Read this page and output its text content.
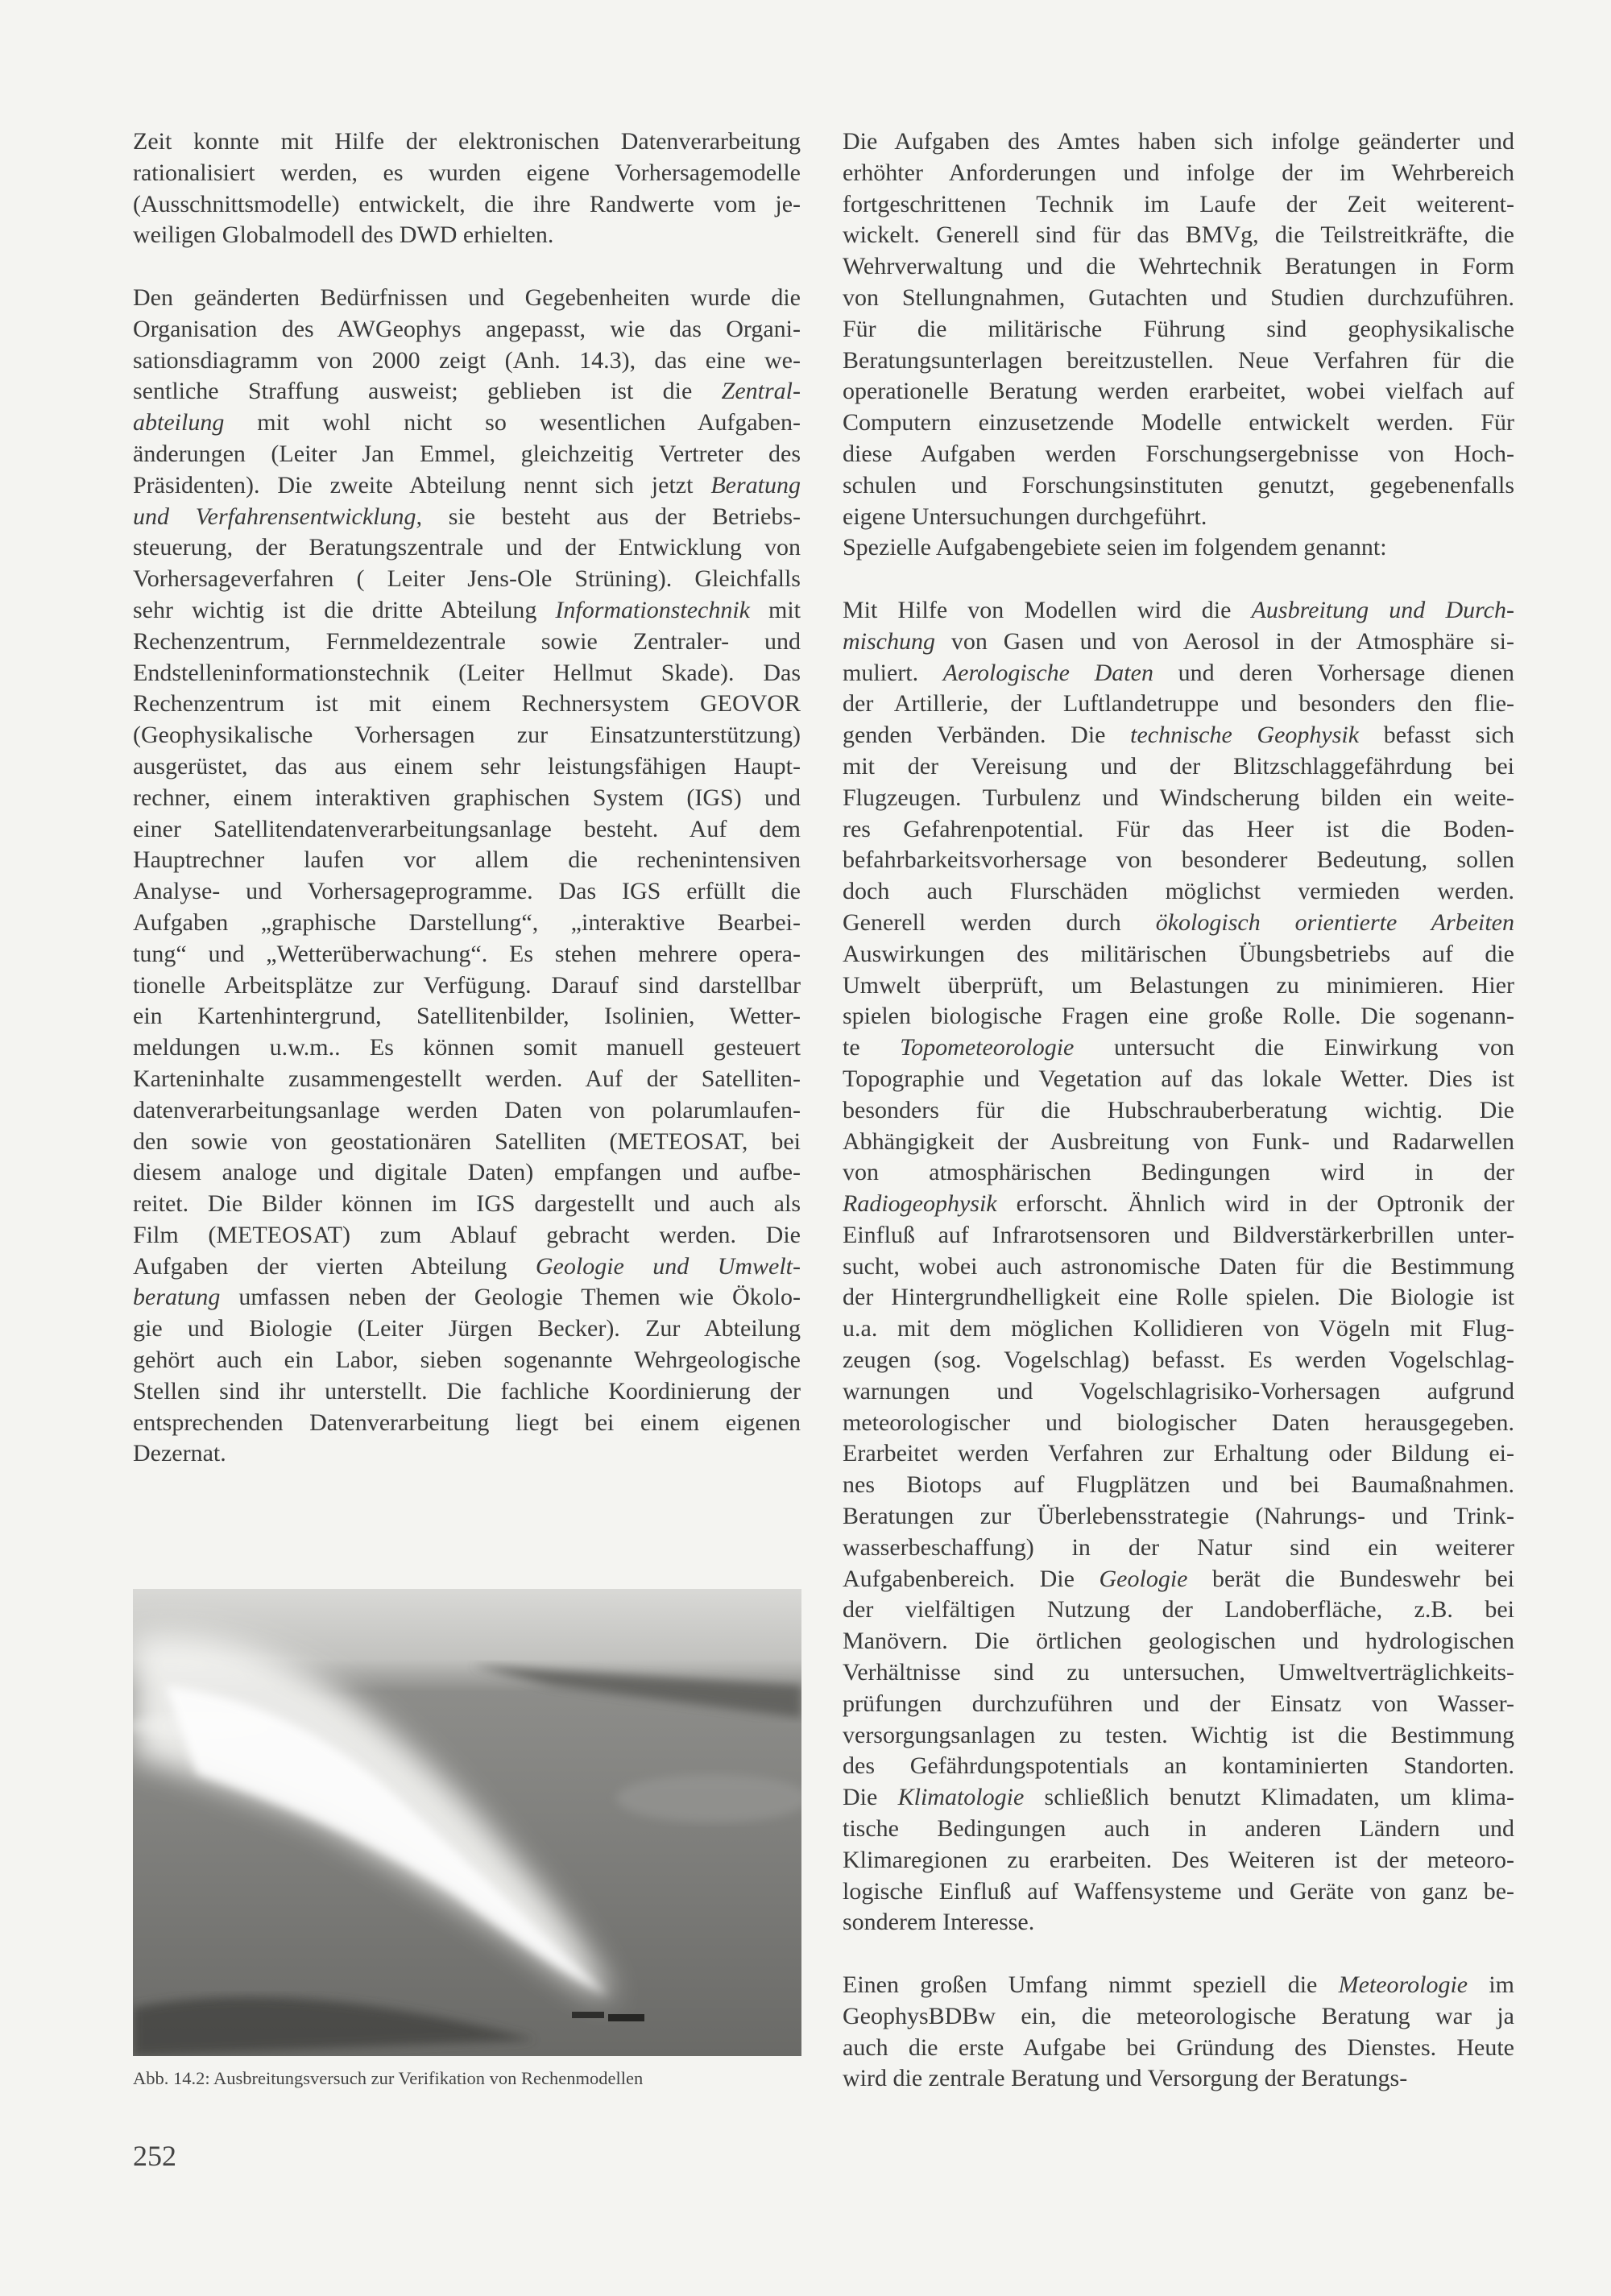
Zeit konnte mit Hilfe der elektronischen Datenverarbeitung
rationalisiert werden, es wurden eigene Vorhersagemodelle
(Ausschnittsmodelle) entwickelt, die ihre Randwerte vom je-
weiligen Globalmodell des DWD erhielten.
Den geänderten Bedürfnissen und Gegebenheiten wurde die
Organisation des AWGeophys angepasst, wie das Organi-
sationsdiagramm von 2000 zeigt (Anh. 14.3), das eine we-
sentliche Straffung ausweist; geblieben ist die Zentral-
abteilung mit wohl nicht so wesentlichen Aufgaben-
änderungen (Leiter Jan Emmel, gleichzeitig Vertreter des
Präsidenten). Die zweite Abteilung nennt sich jetzt Beratung
und Verfahrensentwicklung, sie besteht aus der Betriebs-
steuerung, der Beratungszentrale und der Entwicklung von
Vorhersageverfahren ( Leiter Jens-Ole Strüning). Gleichfalls
sehr wichtig ist die dritte Abteilung Informationstechnik mit
Rechenzentrum, Fernmeldezentrale sowie Zentraler- und
Endstelleninformationstechnik (Leiter Hellmut Skade). Das
Rechenzentrum ist mit einem Rechnersystem GEOVOR
(Geophysikalische Vorhersagen zur Einsatzunterstützung)
ausgerüstet, das aus einem sehr leistungsfähigen Haupt-
rechner, einem interaktiven graphischen System (IGS) und
einer Satellitendatenverarbeitungsanlage besteht. Auf dem
Hauptrechner laufen vor allem die rechenintensiven
Analyse- und Vorhersageprogramme. Das IGS erfüllt die
Aufgaben „graphische Darstellung“, „interaktive Bearbei-
tung“ und „Wetterüberwachung“. Es stehen mehrere opera-
tionelle Arbeitsplätze zur Verfügung. Darauf sind darstellbar
ein Kartenhintergrund, Satellitenbilder, Isolinien, Wetter-
meldungen u.w.m.. Es können somit manuell gesteuert
Karteninhalte zusammengestellt werden. Auf der Satelliten-
datenverarbeitungsanlage werden Daten von polarumlaufen-
den sowie von geostationären Satelliten (METEOSAT, bei
diesem analoge und digitale Daten) empfangen und aufbe-
reitet. Die Bilder können im IGS dargestellt und auch als
Film (METEOSAT) zum Ablauf gebracht werden. Die
Aufgaben der vierten Abteilung Geologie und Umwelt-
beratung umfassen neben der Geologie Themen wie Ökolo-
gie und Biologie (Leiter Jürgen Becker). Zur Abteilung
gehört auch ein Labor, sieben sogenannte Wehrgeologische
Stellen sind ihr unterstellt. Die fachliche Koordinierung der
entsprechenden Datenverarbeitung liegt bei einem eigenen
Dezernat.
Die Aufgaben des Amtes haben sich infolge geänderter und
erhöhter Anforderungen und infolge der im Wehrbereich
fortgeschrittenen Technik im Laufe der Zeit weiterent-
wickelt. Generell sind für das BMVg, die Teilstreitkräfte, die
Wehrverwaltung und die Wehrtechnik Beratungen in Form
von Stellungnahmen, Gutachten und Studien durchzuführen.
Für die militärische Führung sind geophysikalische
Beratungsunterlagen bereitzustellen. Neue Verfahren für die
operationelle Beratung werden erarbeitet, wobei vielfach auf
Computern einzusetzende Modelle entwickelt werden. Für
diese Aufgaben werden Forschungsergebnisse von Hoch-
schulen und Forschungsinstituten genutzt, gegebenenfalls
eigene Untersuchungen durchgeführt.
Spezielle Aufgabengebiete seien im folgendem genannt:
Mit Hilfe von Modellen wird die Ausbreitung und Durch-
mischung von Gasen und von Aerosol in der Atmosphäre si-
muliert. Aerologische Daten und deren Vorhersage dienen
der Artillerie, der Luftlandetruppe und besonders den flie-
genden Verbänden. Die technische Geophysik befasst sich
mit der Vereisung und der Blitzschlaggefährdung bei
Flugzeugen. Turbulenz und Windscherung bilden ein weite-
res Gefahrenpotential. Für das Heer ist die Boden-
befahrbarkeitsvorhersage von besonderer Bedeutung, sollen
doch auch Flurschäden möglichst vermieden werden.
Generell werden durch ökologisch orientierte Arbeiten
Auswirkungen des militärischen Übungsbetriebs auf die
Umwelt überprüft, um Belastungen zu minimieren. Hier
spielen biologische Fragen eine große Rolle. Die sogenann-
te Topometeorologie untersucht die Einwirkung von
Topographie und Vegetation auf das lokale Wetter. Dies ist
besonders für die Hubschrauberberatung wichtig. Die
Abhängigkeit der Ausbreitung von Funk- und Radarwellen
von atmosphärischen Bedingungen wird in der
Radiogeophysik erforscht. Ähnlich wird in der Optronik der
Einfluß auf Infrarotsensoren und Bildverstärkerbrillen unter-
sucht, wobei auch astronomische Daten für die Bestimmung
der Hintergrundhelligkeit eine Rolle spielen. Die Biologie ist
u.a. mit dem möglichen Kollidieren von Vögeln mit Flug-
zeugen (sog. Vogelschlag) befasst. Es werden Vogelschlag-
warnungen und Vogelschlagrisiko-Vorhersagen aufgrund
meteorologischer und biologischer Daten herausgegeben.
Erarbeitet werden Verfahren zur Erhaltung oder Bildung ei-
nes Biotops auf Flugplätzen und bei Baumaßnahmen.
Beratungen zur Überlebensstrategie (Nahrungs- und Trink-
wasserbeschaffung) in der Natur sind ein weiterer
Aufgabenbereich. Die Geologie berät die Bundeswehr bei
der vielfältigen Nutzung der Landoberfläche, z.B. bei
Manövern. Die örtlichen geologischen und hydrologischen
Verhältnisse sind zu untersuchen, Umweltverträglichkeits-
prüfungen durchzuführen und der Einsatz von Wasser-
versorgungsanlagen zu testen. Wichtig ist die Bestimmung
des Gefährdungspotentials an kontaminierten Standorten.
Die Klimatologie schließlich benutzt Klimadaten, um klima-
tische Bedingungen auch in anderen Ländern und
Klimaregionen zu erarbeiten. Des Weiteren ist der meteoro-
logische Einfluß auf Waffensysteme und Geräte von ganz be-
sonderem Interesse.
Einen großen Umfang nimmt speziell die Meteorologie im
GeophysBDBw ein, die meteorologische Beratung war ja
auch die erste Aufgabe bei Gründung des Dienstes. Heute
wird die zentrale Beratung und Versorgung der Beratungs-
Abb. 14.2: Ausbreitungsversuch zur Verifikation von Rechenmodellen
252
